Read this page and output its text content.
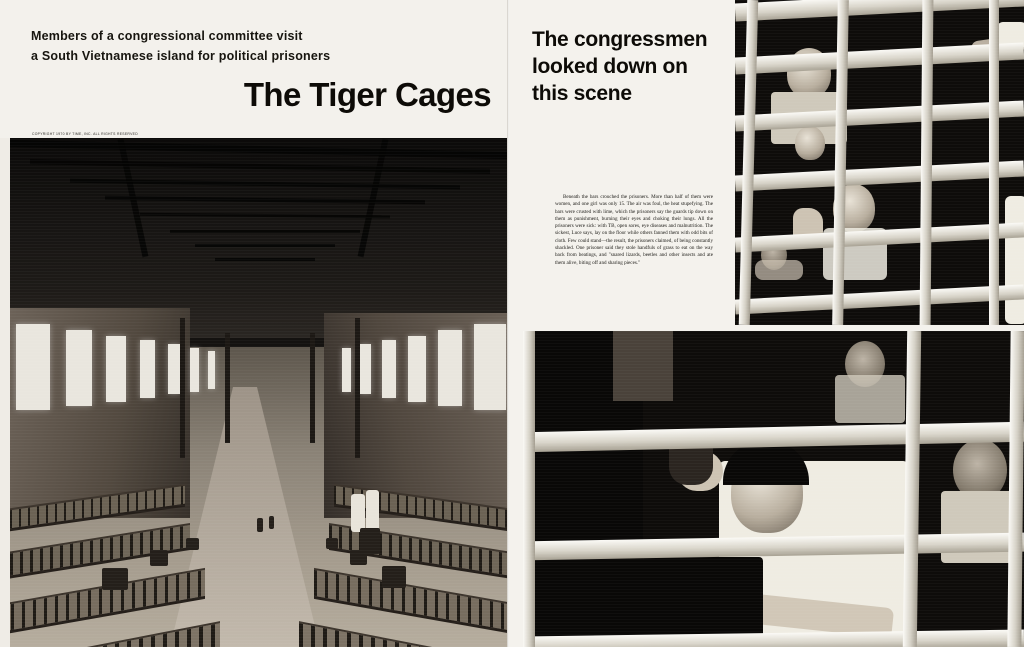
Members of a congressional committee visit
a South Vietnamese island for political prisoners
The Tiger Cages
COPYRIGHT 1970 BY TIME, INC. ALL RIGHTS RESERVED
The congressmen
looked down on
this scene
Beneath the bars crouched the prisoners. More than half of them were women, and one girl was only 15. The air was foul, the heat stupefying. The bars were crusted with lime, which the prisoners say the guards tip down on them as punishment, burning their eyes and choking their lungs. All the prisoners were sick: with TB, open sores, eye diseases and malnutrition. The sickest, Luce says, lay on the floor while others fanned them with odd bits of cloth. Few could stand—the result, the prisoners claimed, of being constantly shackled. One prisoner said they stole handfuls of grass to eat on the way back from beatings, and "snared lizards, beetles and other insects and ate them alive, biting off and sharing pieces."
